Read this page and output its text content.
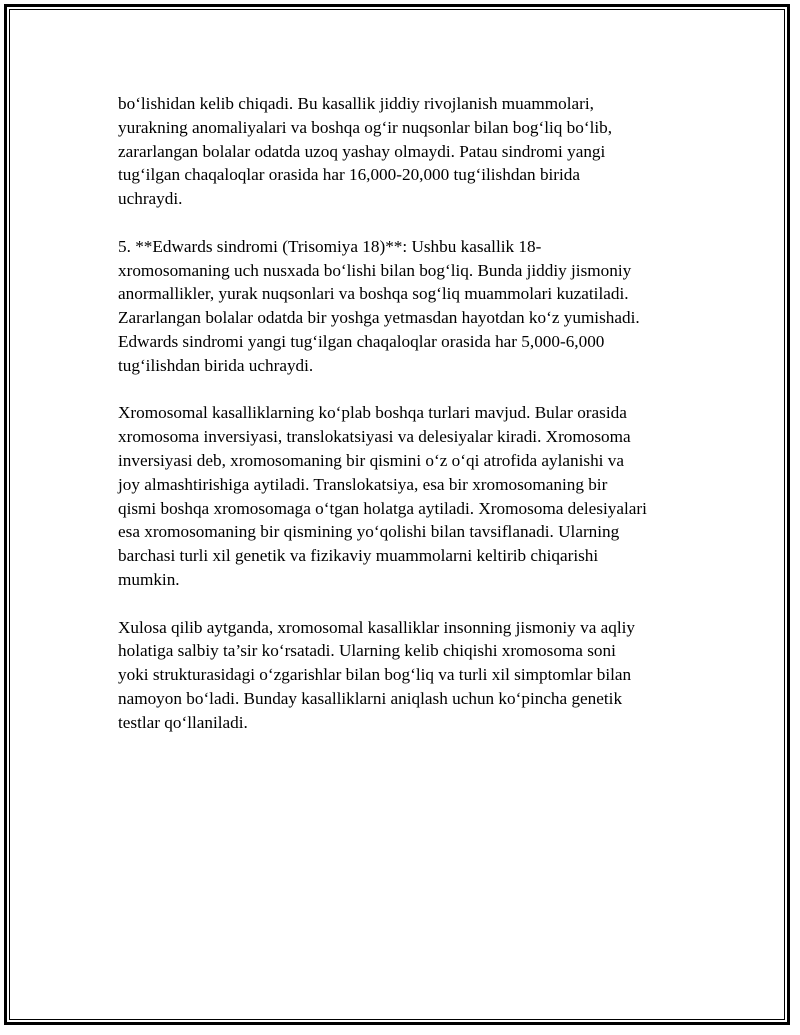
bo‘lishidan kelib chiqadi. Bu kasallik jiddiy rivojlanish muammolari,
yurakning anomaliyalari va boshqa og‘ir nuqsonlar bilan bog‘liq bo‘lib,
zararlangan bolalar odatda uzoq yashay olmaydi. Patau sindromi yangi
tug‘ilgan chaqaloqlar orasida har 16,000-20,000 tug‘ilishdan birida
uchraydi.

5. **Edwards sindromi (Trisomiya 18)**: Ushbu kasallik 18-
xromosomaning uch nusxada bo‘lishi bilan bog‘liq. Bunda jiddiy jismoniy
anormallikler, yurak nuqsonlari va boshqa sog‘liq muammolari kuzatiladi.
Zararlangan bolalar odatda bir yoshga yetmasdan hayotdan ko‘z yumishadi.
Edwards sindromi yangi tug‘ilgan chaqaloqlar orasida har 5,000-6,000
tug‘ilishdan birida uchraydi.

Xromosomal kasalliklarning ko‘plab boshqa turlari mavjud. Bular orasida
xromosoma inversiyasi, translokatsiyasi va delesiyalar kiradi. Xromosoma
inversiyasi deb, xromosomaning bir qismini o‘z o‘qi atrofida aylanishi va
joy almashtirishiga aytiladi. Translokatsiya, esa bir xromosomaning bir
qismi boshqa xromosomaga o‘tgan holatga aytiladi. Xromosoma delesiyalari
esa xromosomaning bir qismining yo‘qolishi bilan tavsiflanadi. Ularning
barchasi turli xil genetik va fizikaviy muammolarni keltirib chiqarishi
mumkin.

Xulosa qilib aytganda, xromosomal kasalliklar insonning jismoniy va aqliy
holatiga salbiy ta’sir ko‘rsatadi. Ularning kelib chiqishi xromosoma soni
yoki strukturasidagi o‘zgarishlar bilan bog‘liq va turli xil simptomlar bilan
namoyon bo‘ladi. Bunday kasalliklarni aniqlash uchun ko‘pincha genetik
testlar qo‘llaniladi.
